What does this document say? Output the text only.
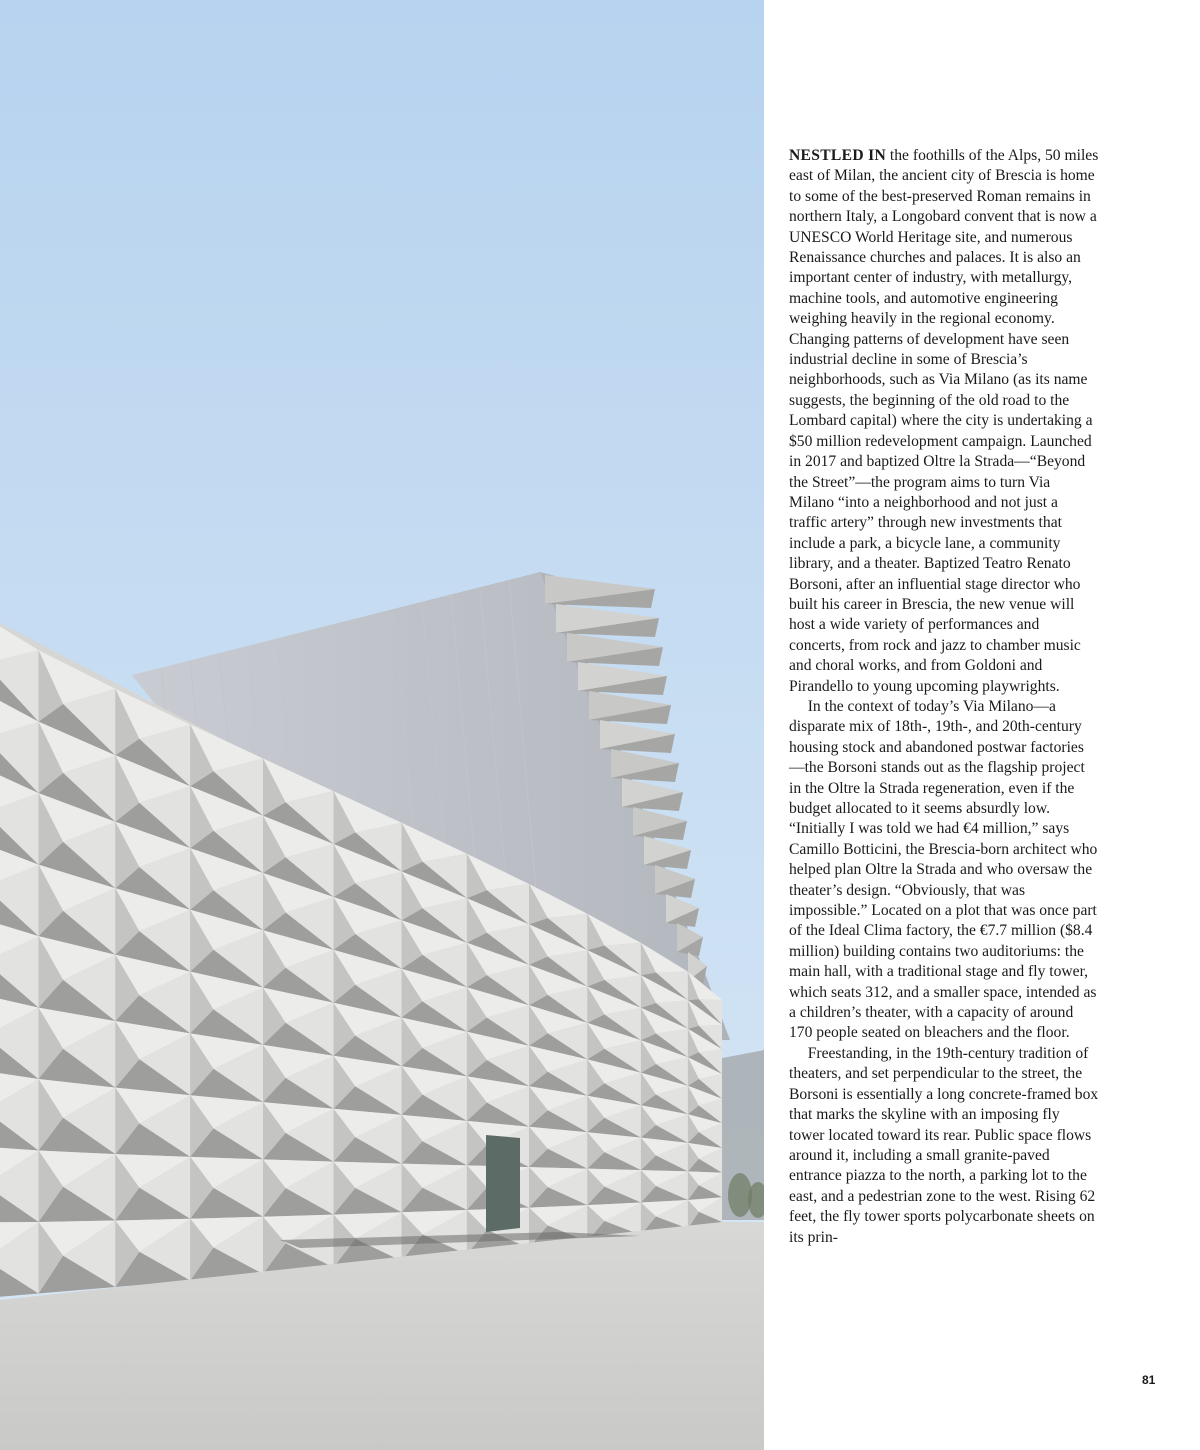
NESTLED IN the foothills of the Alps, 50 miles east of Milan, the ancient city of Brescia is home to some of the best-preserved Roman remains in northern Italy, a Longobard convent that is now a UNESCO World Heritage site, and numerous Renaissance churches and palaces. It is also an important center of industry, with metallurgy, machine tools, and automotive engineering weighing heavily in the regional economy. Changing patterns of development have seen industrial decline in some of Brescia’s neighborhoods, such as Via Milano (as its name suggests, the beginning of the old road to the Lombard capital) where the city is undertaking a $50 million redevelopment campaign. Launched in 2017 and baptized Oltre la Strada—“Beyond the Street”—the program aims to turn Via Milano “into a neighborhood and not just a traffic artery” through new investments that include a park, a bicycle lane, a community library, and a theater. Baptized Teatro Renato Borsoni, after an influential stage director who built his career in Brescia, the new venue will host a wide variety of performances and concerts, from rock and jazz to chamber music and choral works, and from Goldoni and Pirandello to young upcoming playwrights.

In the context of today’s Via Milano—a disparate mix of 18th-, 19th-, and 20th-century housing stock and abandoned postwar factories—the Borsoni stands out as the flagship project in the Oltre la Strada regeneration, even if the budget allocated to it seems absurdly low. “Initially I was told we had €4 million,” says Camillo Botticini, the Brescia-born architect who helped plan Oltre la Strada and who oversaw the theater’s design. “Obviously, that was impossible.” Located on a plot that was once part of the Ideal Clima factory, the €7.7 million ($8.4 million) building contains two auditoriums: the main hall, with a traditional stage and fly tower, which seats 312, and a smaller space, intended as a children’s theater, with a capacity of around 170 people seated on bleachers and the floor.

Freestanding, in the 19th-century tradition of theaters, and set perpendicular to the street, the Borsoni is essentially a long concrete-framed box that marks the skyline with an imposing fly tower located toward its rear. Public space flows around it, including a small granite-paved entrance piazza to the north, a parking lot to the east, and a pedestrian zone to the west. Rising 62 feet, the fly tower sports polycarbonate sheets on its prin-

81
